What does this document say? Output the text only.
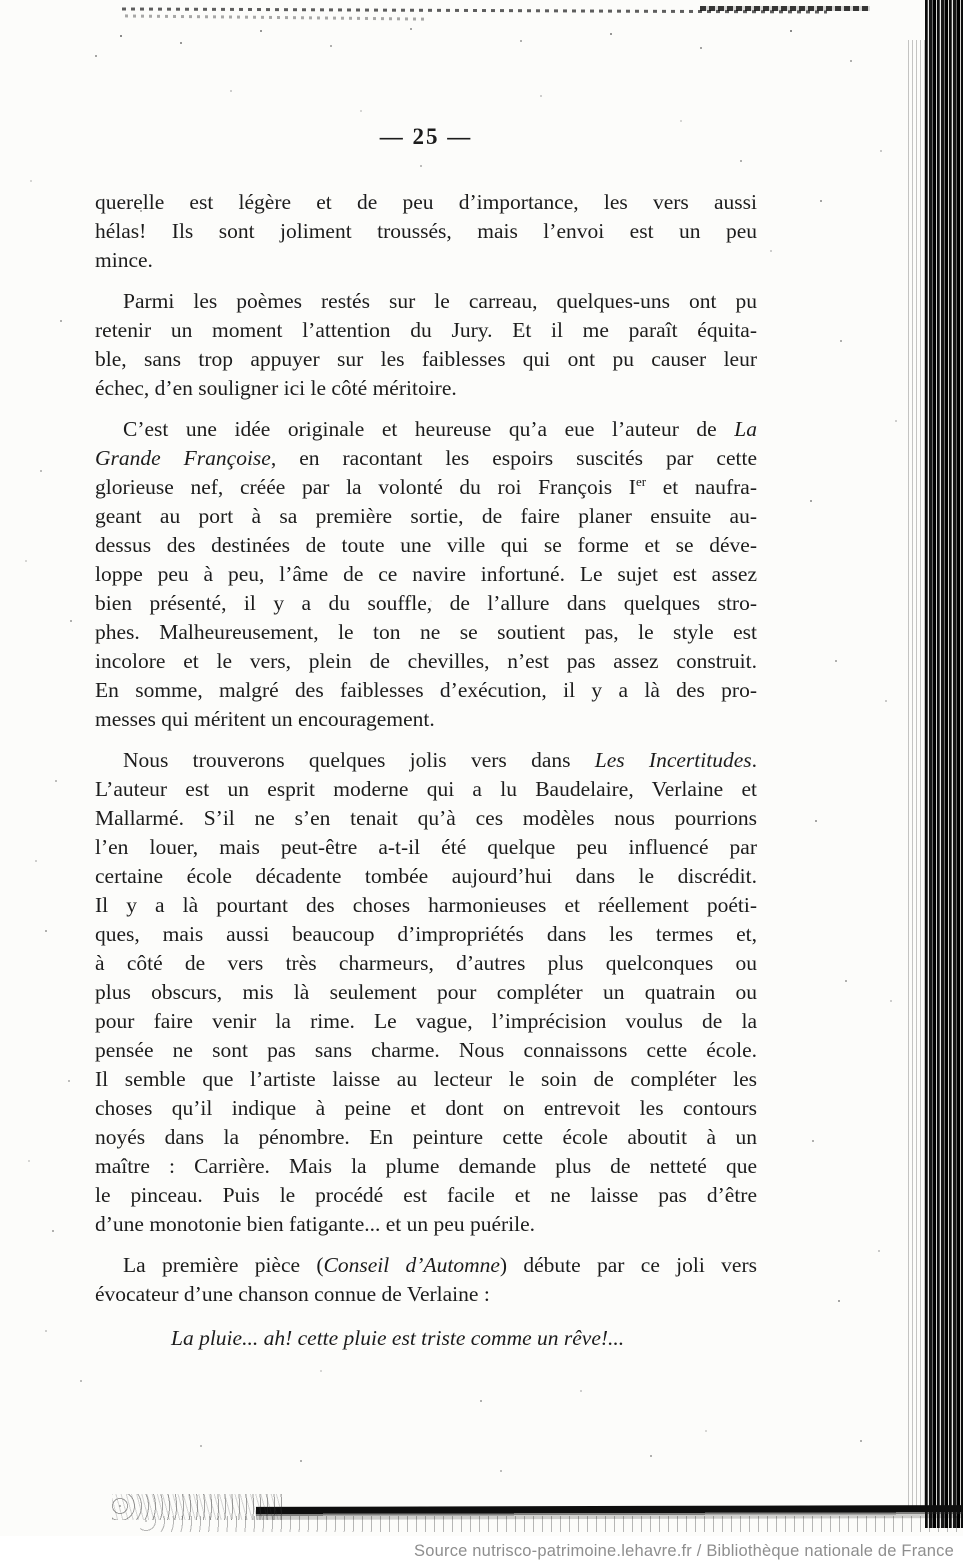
— 25 —
querelle est légère et de peu d’importance, les vers aussi
hélas! Ils sont joliment troussés, mais l’envoi est un peu
mince.
Parmi les poèmes restés sur le carreau, quelques-uns ont pu
retenir un moment l’attention du Jury. Et il me paraît équita-
ble, sans trop appuyer sur les faiblesses qui ont pu causer leur
échec, d’en souligner ici le côté méritoire.
C’est une idée originale et heureuse qu’a eue l’auteur de La
Grande Françoise, en racontant les espoirs suscités par cette
glorieuse nef, créée par la volonté du roi François Ier et naufra-
geant au port à sa première sortie, de faire planer ensuite au-
dessus des destinées de toute une ville qui se forme et se déve-
loppe peu à peu, l’âme de ce navire infortuné. Le sujet est assez
bien présenté, il y a du souffle, de l’allure dans quelques stro-
phes. Malheureusement, le ton ne se soutient pas, le style est
incolore et le vers, plein de chevilles, n’est pas assez construit.
En somme, malgré des faiblesses d’exécution, il y a là des pro-
messes qui méritent un encouragement.
Nous trouverons quelques jolis vers dans Les Incertitudes.
L’auteur est un esprit moderne qui a lu Baudelaire, Verlaine et
Mallarmé. S’il ne s’en tenait qu’à ces modèles nous pourrions
l’en louer, mais peut-être a-t-il été quelque peu influencé par
certaine école décadente tombée aujourd’hui dans le discrédit.
Il y a là pourtant des choses harmonieuses et réellement poéti-
ques, mais aussi beaucoup d’impropriétés dans les termes et,
à côté de vers très charmeurs, d’autres plus quelconques ou
plus obscurs, mis là seulement pour compléter un quatrain ou
pour faire venir la rime. Le vague, l’imprécision voulus de la
pensée ne sont pas sans charme. Nous connaissons cette école.
Il semble que l’artiste laisse au lecteur le soin de compléter les
choses qu’il indique à peine et dont on entrevoit les contours
noyés dans la pénombre. En peinture cette école aboutit à un
maître : Carrière. Mais la plume demande plus de netteté que
le pinceau. Puis le procédé est facile et ne laisse pas d’être
d’une monotonie bien fatigante... et un peu puérile.
La première pièce (Conseil d’Automne) débute par ce joli vers
évocateur d’une chanson connue de Verlaine :
La pluie... ah! cette pluie est triste comme un rêve!...
Source nutrisco-patrimoine.lehavre.fr / Bibliothèque nationale de France
